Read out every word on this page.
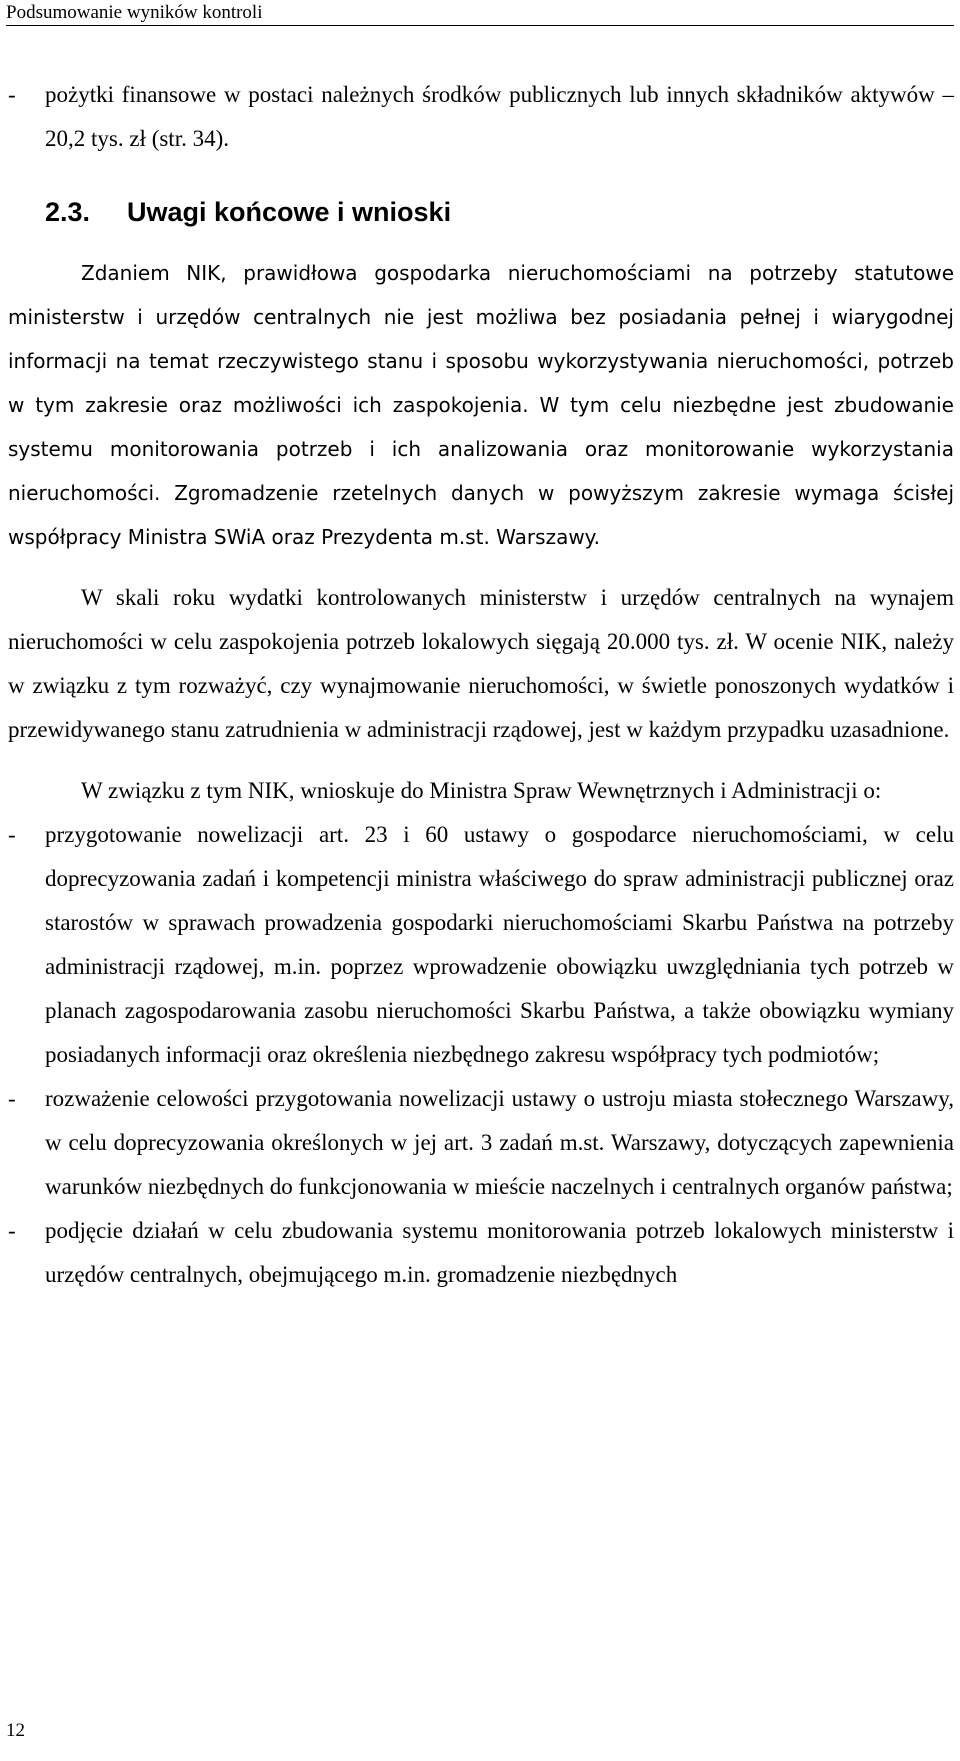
Podsumowanie wyników kontroli
- pożytki finansowe w postaci należnych środków publicznych lub innych składników aktywów – 20,2 tys. zł (str. 34).
2.3. Uwagi końcowe i wnioski
Zdaniem NIK, prawidłowa gospodarka nieruchomościami na potrzeby statutowe ministerstw i urzędów centralnych nie jest możliwa bez posiadania pełnej i wiarygodnej informacji na temat rzeczywistego stanu i sposobu wykorzystywania nieruchomości, potrzeb w tym zakresie oraz możliwości ich zaspokojenia. W tym celu niezbędne jest zbudowanie systemu monitorowania potrzeb i ich analizowania oraz monitorowanie wykorzystania nieruchomości. Zgromadzenie rzetelnych danych w powyższym zakresie wymaga ścisłej współpracy Ministra SWiA oraz Prezydenta m.st. Warszawy.
W skali roku wydatki kontrolowanych ministerstw i urzędów centralnych na wynajem nieruchomości w celu zaspokojenia potrzeb lokalowych sięgają 20.000 tys. zł. W ocenie NIK, należy w związku z tym rozważyć, czy wynajmowanie nieruchomości, w świetle ponoszonych wydatków i przewidywanego stanu zatrudnienia w administracji rządowej, jest w każdym przypadku uzasadnione.
W związku z tym NIK, wnioskuje do Ministra Spraw Wewnętrznych i Administracji o:
- przygotowanie nowelizacji art. 23 i 60 ustawy o gospodarce nieruchomościami, w celu doprecyzowania zadań i kompetencji ministra właściwego do spraw administracji publicznej oraz starostów w sprawach prowadzenia gospodarki nieruchomościami Skarbu Państwa na potrzeby administracji rządowej, m.in. poprzez wprowadzenie obowiązku uwzględniania tych potrzeb w planach zagospodarowania zasobu nieruchomości Skarbu Państwa, a także obowiązku wymiany posiadanych informacji oraz określenia niezbędnego zakresu współpracy tych podmiotów;
- rozważenie celowości przygotowania nowelizacji ustawy o ustroju miasta stołecznego Warszawy, w celu doprecyzowania określonych w jej art. 3 zadań m.st. Warszawy, dotyczących zapewnienia warunków niezbędnych do funkcjonowania w mieście naczelnych i centralnych organów państwa;
- podjęcie działań w celu zbudowania systemu monitorowania potrzeb lokalowych ministerstw i urzędów centralnych, obejmującego m.in. gromadzenie niezbędnych
12
